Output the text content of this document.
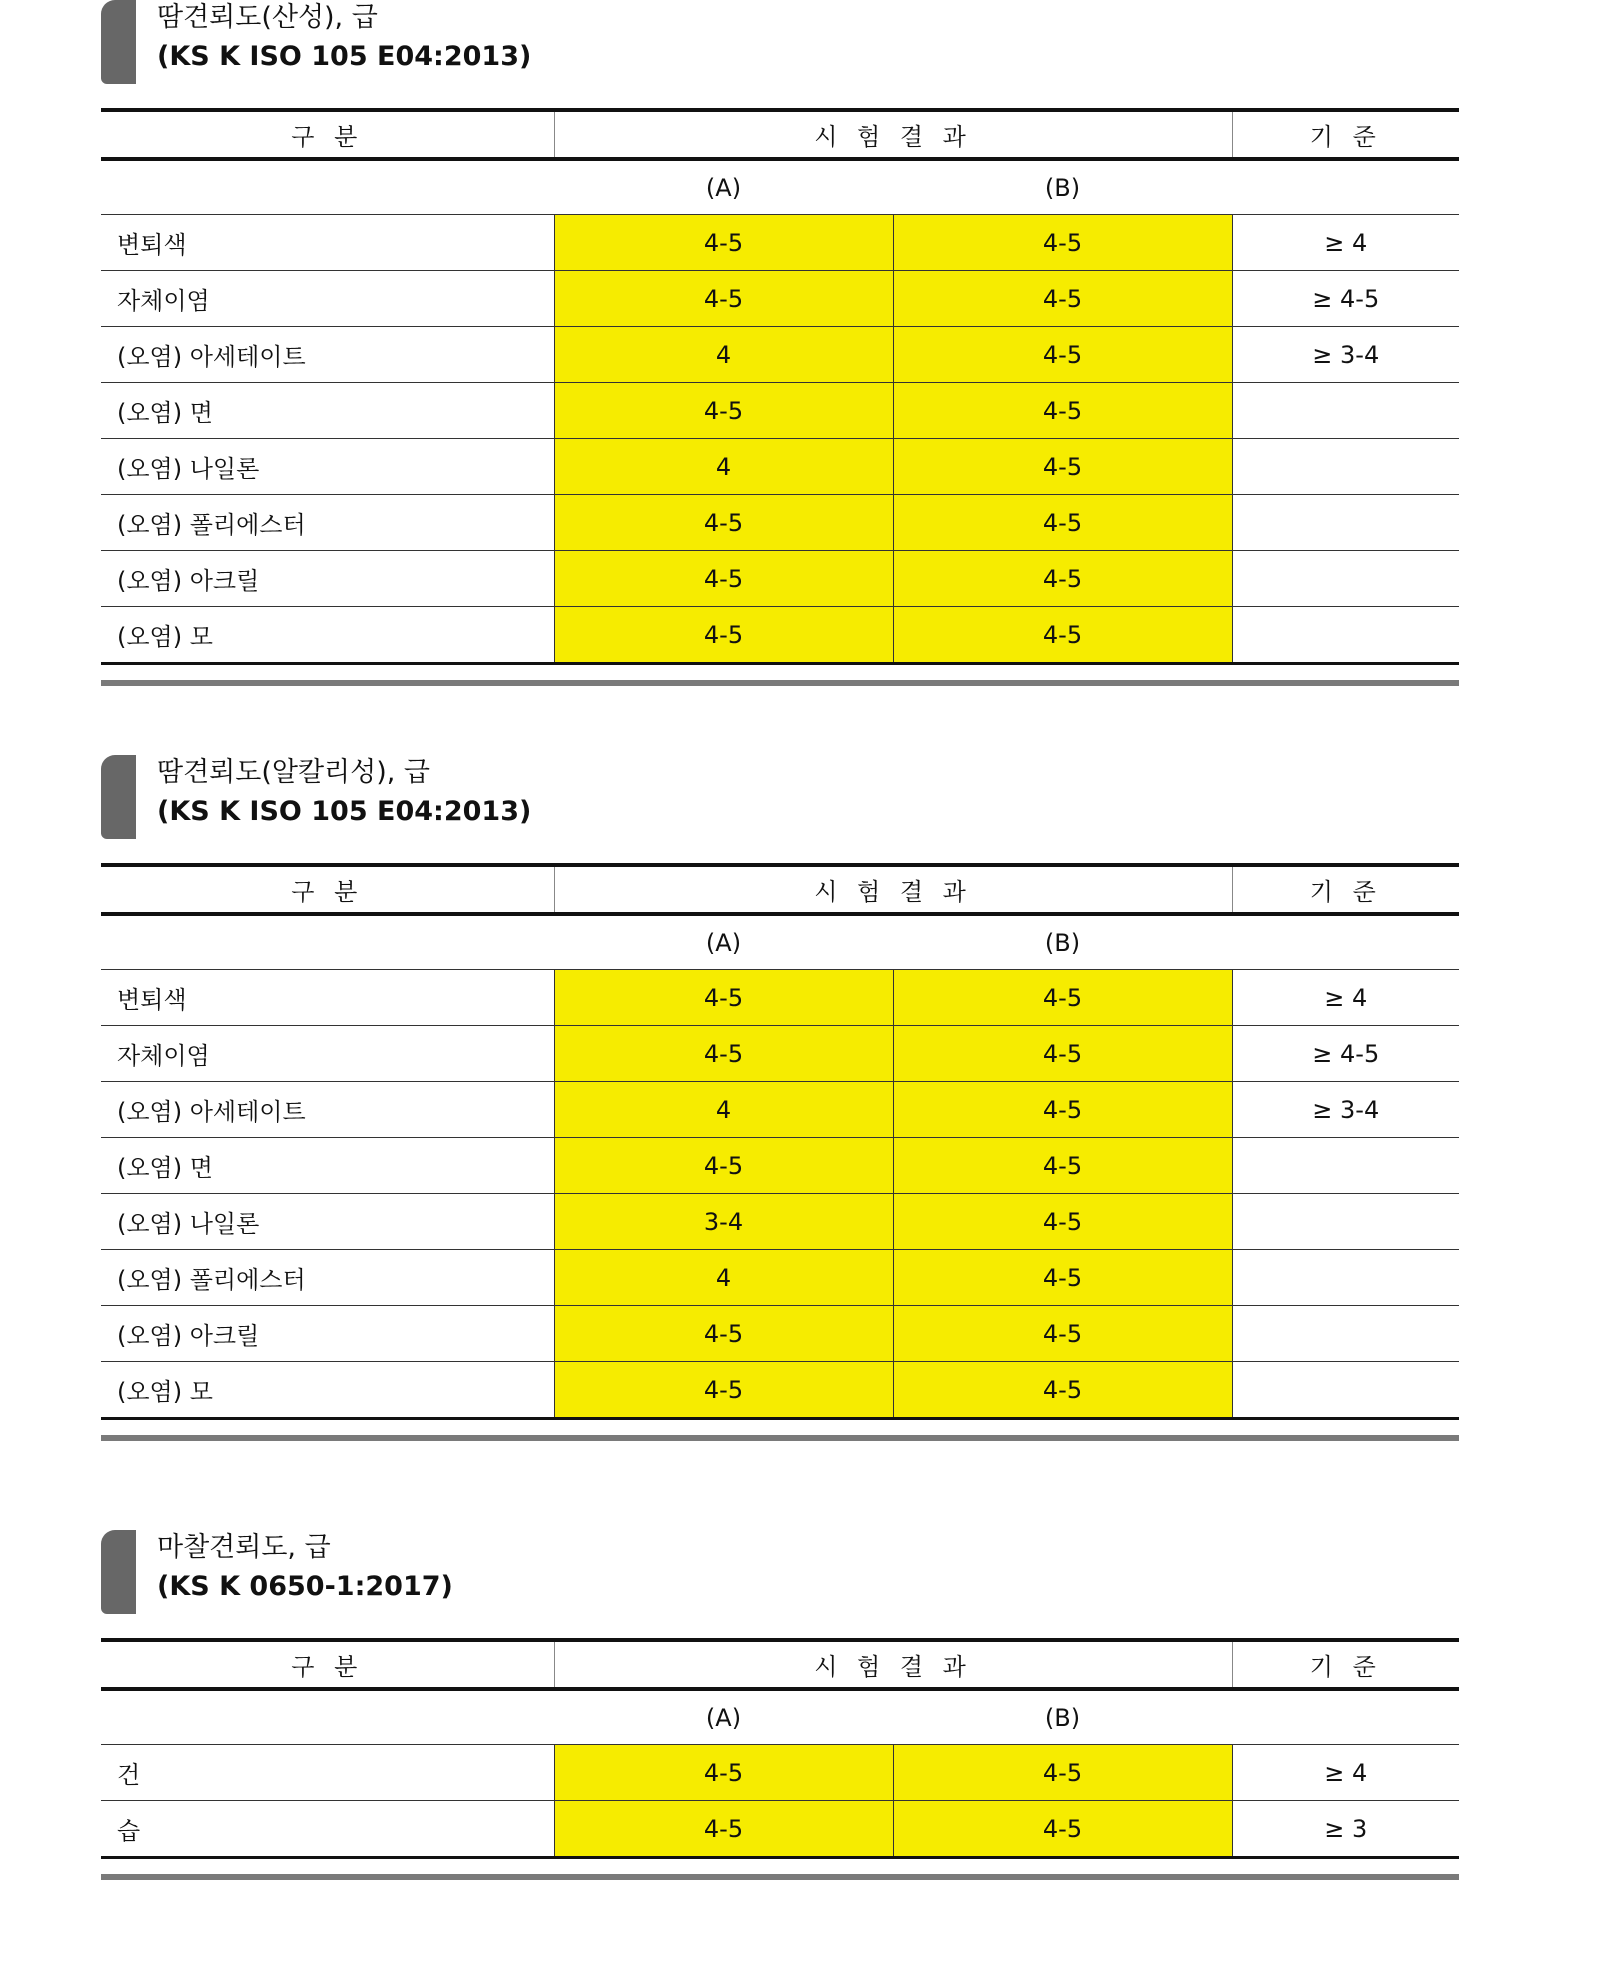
땀견뢰도(산성), 급
(KS K ISO 105 E04:2013)
구 분	시 험 결 과		기 준
	(A)	(B)	
변퇴색	4-5	4-5	≥ 4
자체이염	4-5	4-5	≥ 4-5
(오염) 아세테이트	4	4-5	≥ 3-4
(오염) 면	4-5	4-5	
(오염) 나일론	4	4-5	
(오염) 폴리에스터	4-5	4-5	
(오염) 아크릴	4-5	4-5	
(오염) 모	4-5	4-5	
땀견뢰도(알칼리성), 급
(KS K ISO 105 E04:2013)
구 분	시 험 결 과		기 준
	(A)	(B)	
변퇴색	4-5	4-5	≥ 4
자체이염	4-5	4-5	≥ 4-5
(오염) 아세테이트	4	4-5	≥ 3-4
(오염) 면	4-5	4-5	
(오염) 나일론	3-4	4-5	
(오염) 폴리에스터	4	4-5	
(오염) 아크릴	4-5	4-5	
(오염) 모	4-5	4-5	
마찰견뢰도, 급
(KS K 0650-1:2017)
구 분	시 험 결 과		기 준
	(A)	(B)	
건	4-5	4-5	≥ 4
습	4-5	4-5	≥ 3
